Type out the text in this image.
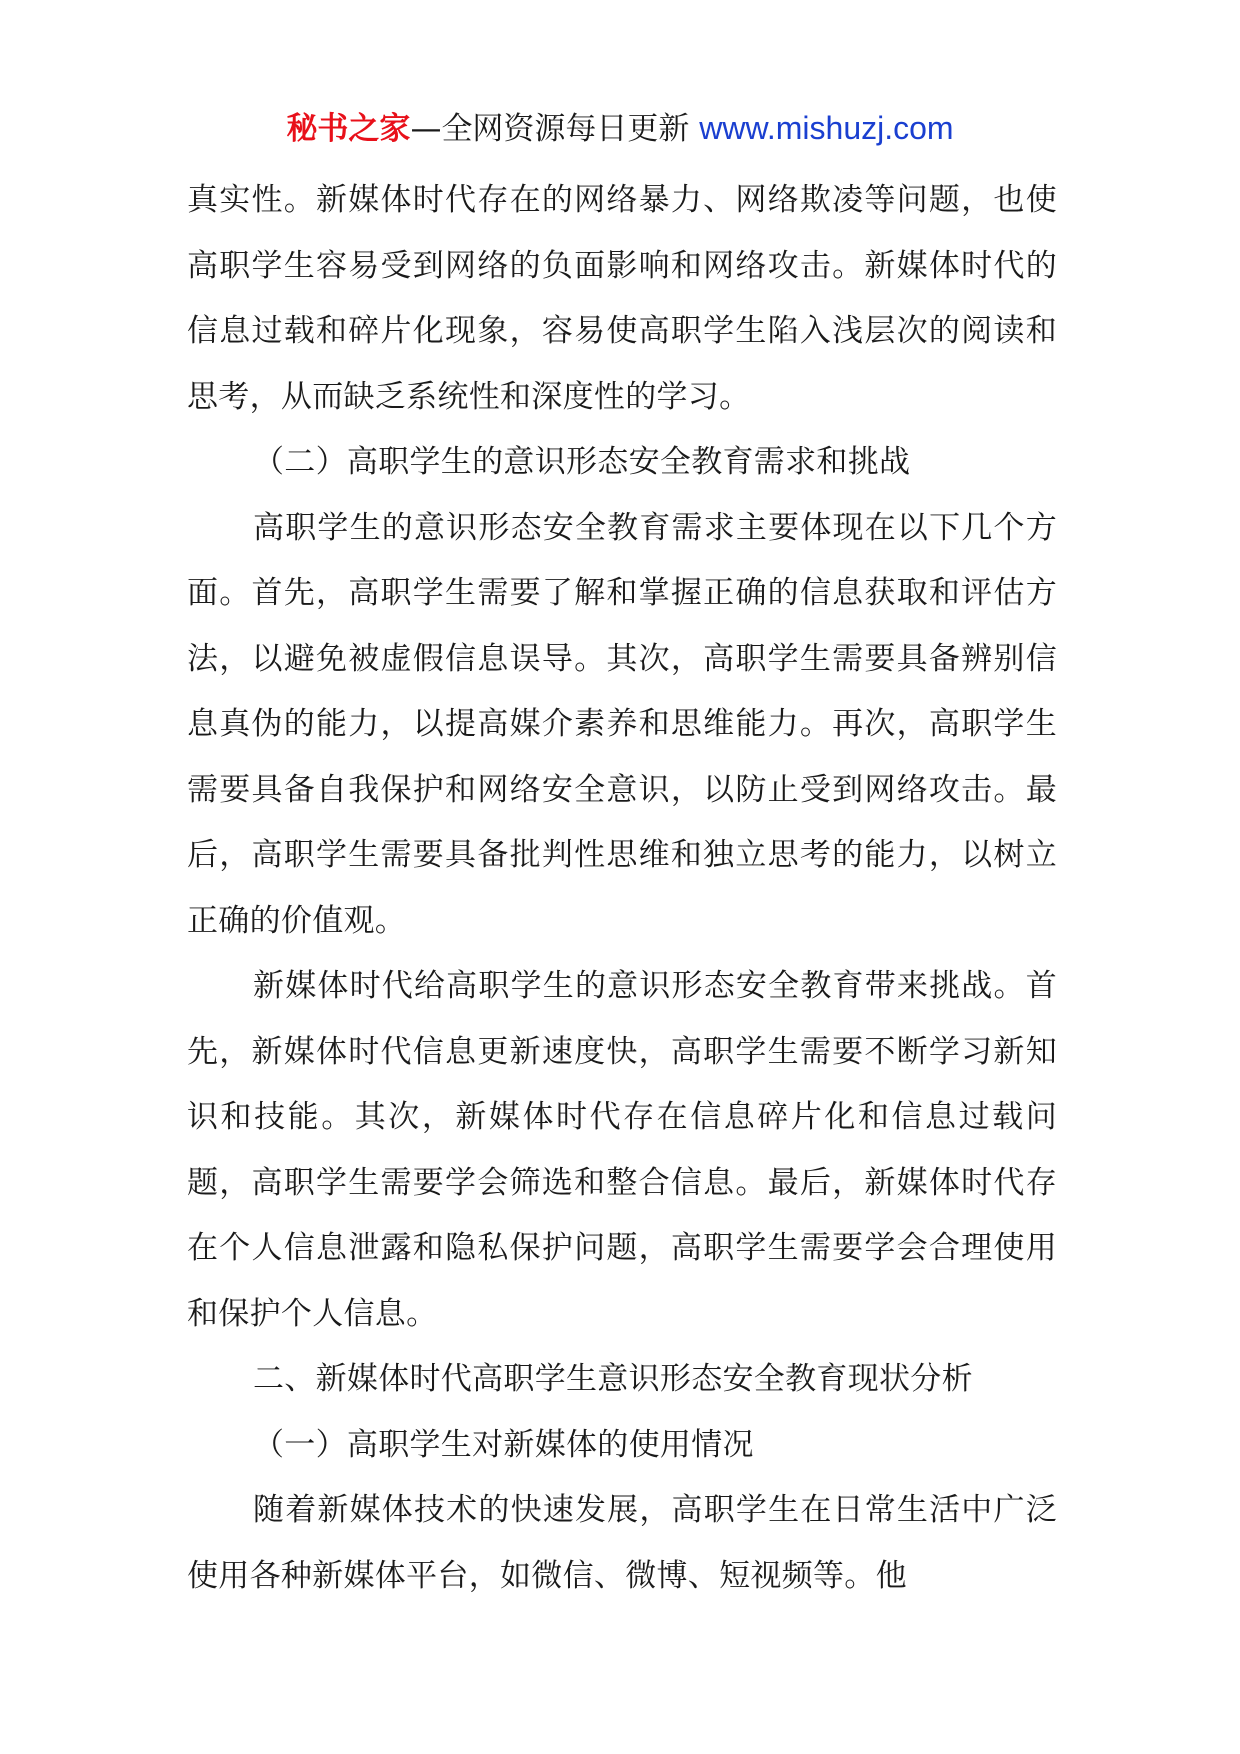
秘书之家—全网资源每日更新 www.mishuzj.com

真实性。新媒体时代存在的网络暴力、网络欺凌等问题，也使高职学生容易受到网络的负面影响和网络攻击。新媒体时代的信息过载和碎片化现象，容易使高职学生陷入浅层次的阅读和思考，从而缺乏系统性和深度性的学习。

（二）高职学生的意识形态安全教育需求和挑战

高职学生的意识形态安全教育需求主要体现在以下几个方面。首先，高职学生需要了解和掌握正确的信息获取和评估方法，以避免被虚假信息误导。其次，高职学生需要具备辨别信息真伪的能力，以提高媒介素养和思维能力。再次，高职学生需要具备自我保护和网络安全意识，以防止受到网络攻击。最后，高职学生需要具备批判性思维和独立思考的能力，以树立正确的价值观。

新媒体时代给高职学生的意识形态安全教育带来挑战。首先，新媒体时代信息更新速度快，高职学生需要不断学习新知识和技能。其次，新媒体时代存在信息碎片化和信息过载问题，高职学生需要学会筛选和整合信息。最后，新媒体时代存在个人信息泄露和隐私保护问题，高职学生需要学会合理使用和保护个人信息。

二、新媒体时代高职学生意识形态安全教育现状分析

（一）高职学生对新媒体的使用情况

随着新媒体技术的快速发展，高职学生在日常生活中广泛使用各种新媒体平台，如微信、微博、短视频等。他
